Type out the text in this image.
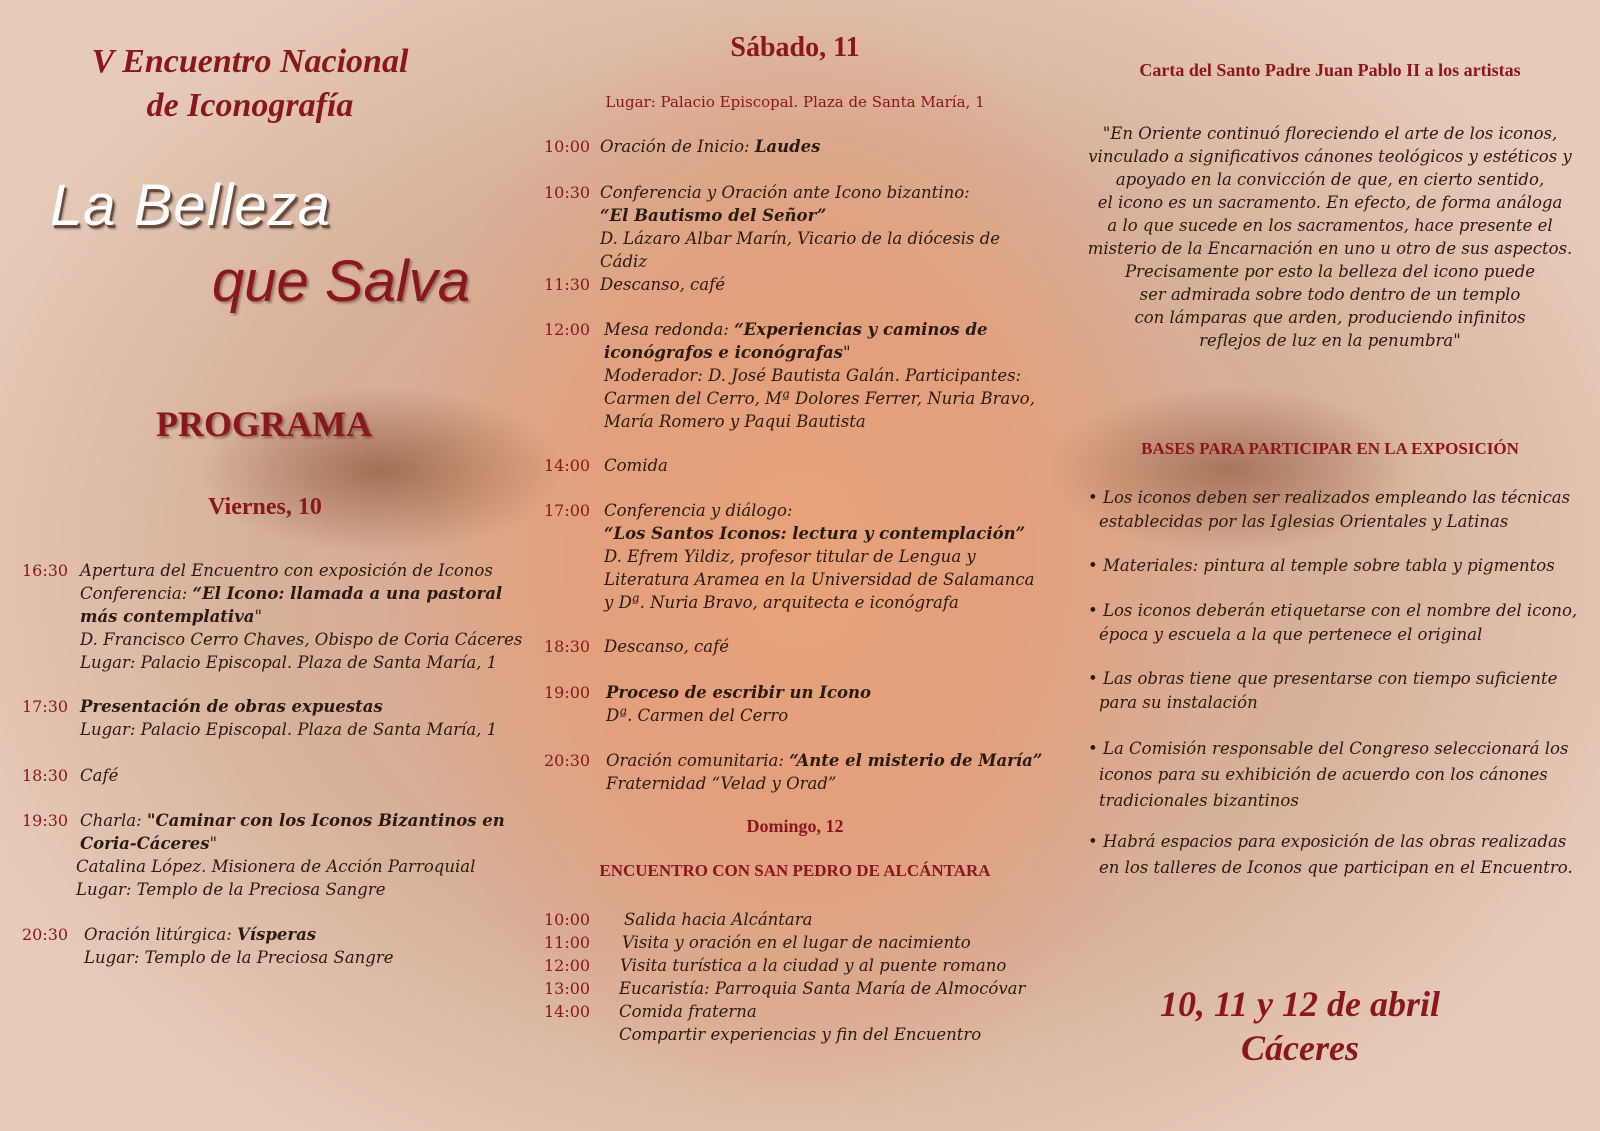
V Encuentro Nacional
de Iconografía
La Belleza
que Salva
PROGRAMA
Viernes, 10
16:30 Apertura del Encuentro con exposición de Iconos
Conferencia: “El Icono: llamada a una pastoral
más contemplativa"
D. Francisco Cerro Chaves, Obispo de Coria Cáceres
Lugar: Palacio Episcopal. Plaza de Santa María, 1
17:30 Presentación de obras expuestas
Lugar: Palacio Episcopal. Plaza de Santa María, 1
18:30 Café
19:30 Charla: "Caminar con los Iconos Bizantinos en
Coria-Cáceres"
Catalina López. Misionera de Acción Parroquial
Lugar: Templo de la Preciosa Sangre
20:30 Oración litúrgica: Vísperas
Lugar: Templo de la Preciosa Sangre
Sábado, 11
Lugar: Palacio Episcopal. Plaza de Santa María, 1
10:00 Oración de Inicio: Laudes
10:30 Conferencia y Oración ante Icono bizantino:
“El Bautismo del Señor”
D. Lázaro Albar Marín, Vicario de la diócesis de Cádiz
11:30 Descanso, café
12:00 Mesa redonda: “Experiencias y caminos de
iconógrafos e iconógrafas"
Moderador: D. José Bautista Galán. Participantes:
Carmen del Cerro, Mª Dolores Ferrer, Nuria Bravo,
María Romero y Paqui Bautista
14:00 Comida
17:00 Conferencia y diálogo:
“Los Santos Iconos: lectura y contemplación”
D. Efrem Yildiz, profesor titular de Lengua y
Literatura Aramea en la Universidad de Salamanca
y Dª. Nuria Bravo, arquitecta e iconógrafa
18:30 Descanso, café
19:00 Proceso de escribir un Icono
Dª. Carmen del Cerro
20:30 Oración comunitaria: “Ante el misterio de María”
Fraternidad “Velad y Orad”
Domingo, 12
ENCUENTRO CON SAN PEDRO DE ALCÁNTARA
10:00	Salida hacia Alcántara
11:00	Visita y oración en el lugar de nacimiento
12:00	Visita turística a la ciudad y al puente romano
13:00	Eucaristía: Parroquia Santa María de Almocóvar
14:00	Comida fraterna
Compartir experiencias y fin del Encuentro
Carta del Santo Padre Juan Pablo II a los artistas
"En Oriente continuó floreciendo el arte de los iconos,
vinculado a significativos cánones teológicos y estéticos y
apoyado en la convicción de que, en cierto sentido,
el icono es un sacramento. En efecto, de forma análoga
a lo que sucede en los sacramentos, hace presente el
misterio de la Encarnación en uno u otro de sus aspectos.
Precisamente por esto la belleza del icono puede
ser admirada sobre todo dentro de un templo
con lámparas que arden, produciendo infinitos
reflejos de luz en la penumbra"
BASES PARA PARTICIPAR EN LA EXPOSICIÓN
• Los iconos deben ser realizados empleando las técnicas
establecidas por las Iglesias Orientales y Latinas
• Materiales: pintura al temple sobre tabla y pigmentos
• Los iconos deberán etiquetarse con el nombre del icono,
época y escuela a la que pertenece el original
• Las obras tiene que presentarse con tiempo suficiente
para su instalación
• La Comisión responsable del Congreso seleccionará los
iconos para su exhibición de acuerdo con los cánones
tradicionales bizantinos
• Habrá espacios para exposición de las obras realizadas
en los talleres de Iconos que participan en el Encuentro.
10, 11 y 12 de abril
Cáceres
